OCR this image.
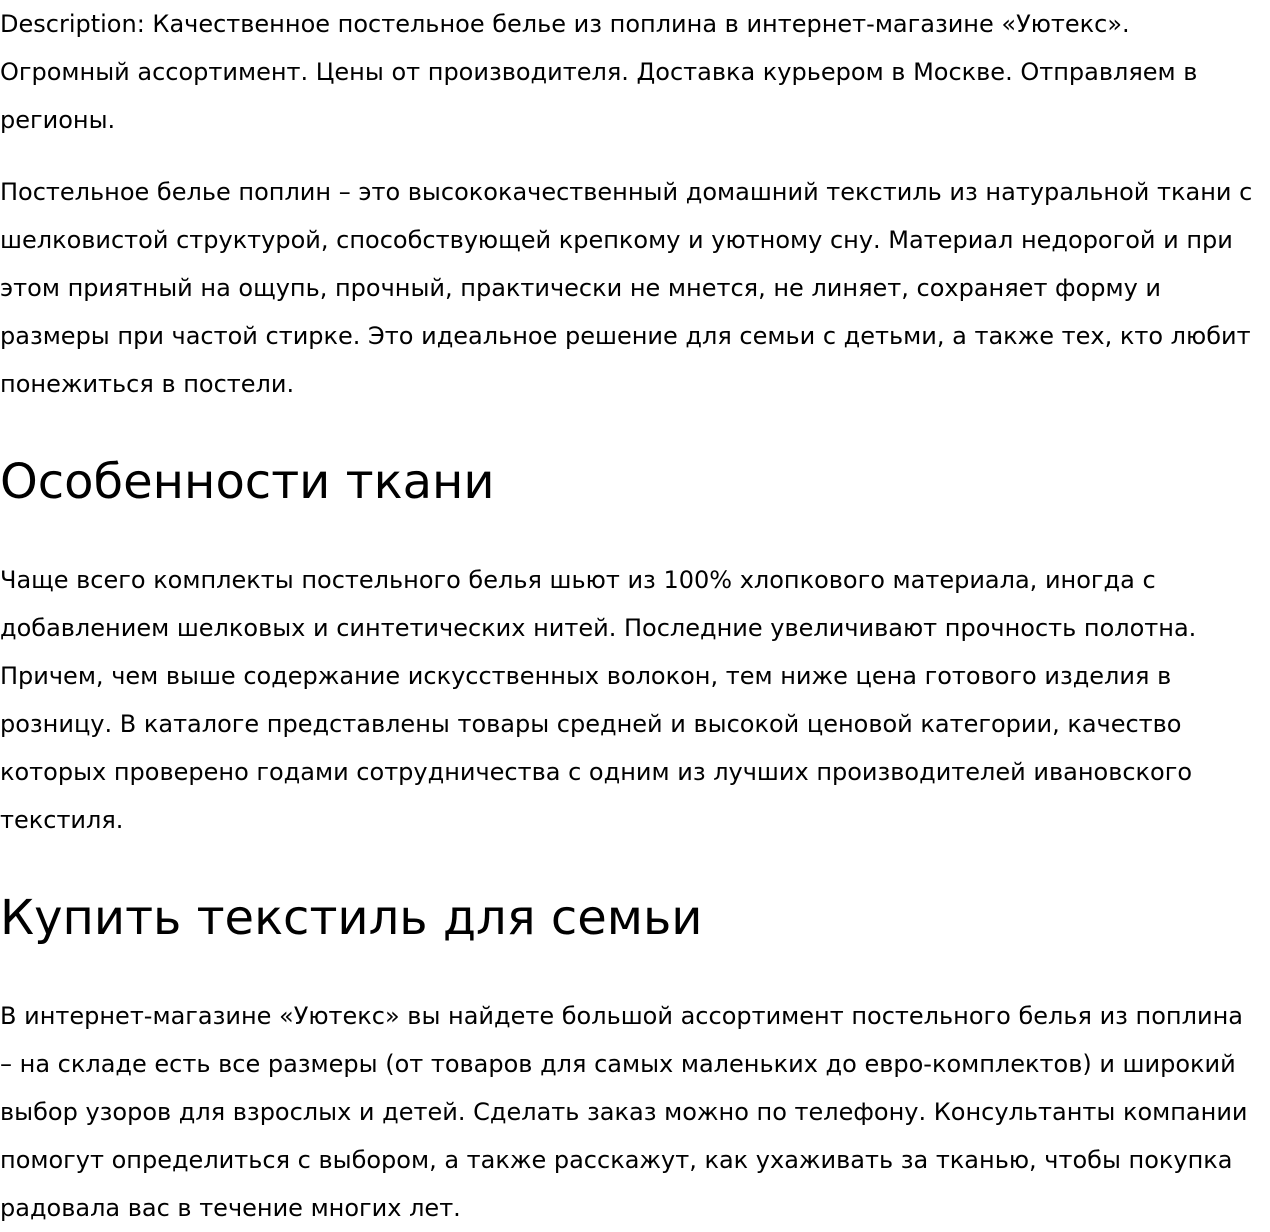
Description: Качественное постельное белье из поплина в интернет-магазине «Уютекс». Огромный ассортимент. Цены от производителя. Доставка курьером в Москве. Отправляем в регионы.

Постельное белье поплин – это высококачественный домашний текстиль из натуральной ткани с шелковистой структурой, способствующей крепкому и уютному сну. Материал недорогой и при этом приятный на ощупь, прочный, практически не мнется, не линяет, сохраняет форму и размеры при частой стирке. Это идеальное решение для семьи с детьми, а также тех, кто любит понежиться в постели.

Особенности ткани

Чаще всего комплекты постельного белья шьют из 100% хлопкового материала, иногда с добавлением шелковых и синтетических нитей. Последние увеличивают прочность полотна. Причем, чем выше содержание искусственных волокон, тем ниже цена готового изделия в розницу. В каталоге представлены товары средней и высокой ценовой категории, качество которых проверено годами сотрудничества с одним из лучших производителей ивановского текстиля.

Купить текстиль для семьи

В интернет-магазине «Уютекс» вы найдете большой ассортимент постельного белья из поплина – на складе есть все размеры (от товаров для самых маленьких до евро-комплектов) и широкий выбор узоров для взрослых и детей. Сделать заказ можно по телефону. Консультанты компании помогут определиться с выбором, а также расскажут, как ухаживать за тканью, чтобы покупка радовала вас в течение многих лет.
